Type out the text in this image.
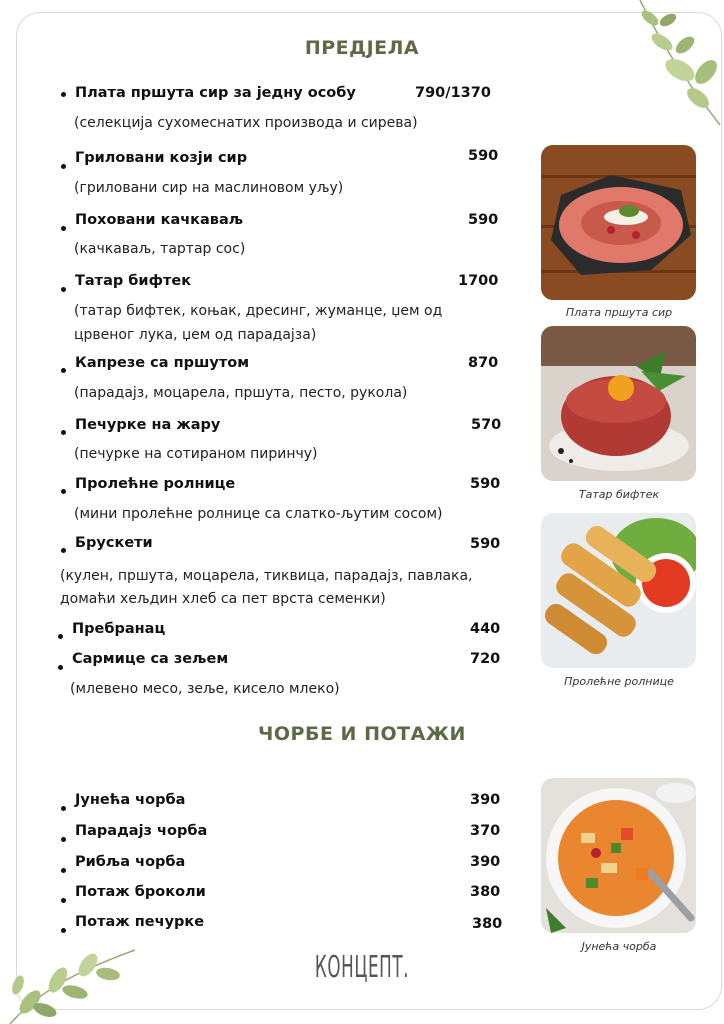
ПРЕДЈЕЛА
Плата пршута сир за једну особу	790/1370
(селекција сухомеснатих производа и сирева)
Гриловани козји сир	590
(гриловани сир на маслиновом уљу)
Поховани качкаваљ	590
(качкаваљ, тартар сос)
Татар бифтек	1700
(татар бифтек, коњак, дресинг, жуманце, џем од
црвеног лука, џем од парадајза)
Капрезе са пршутом	870
(парадајз, моцарела, пршута, песто, рукола)
Печурке на жару	570
(печурке на сотираном пиринчу)
Пролећне ролнице	590
(мини пролећне ролнице са слатко-љутим сосом)
Брускети	590
(кулен, пршута, моцарела, тиквица, парадајз, павлака,
домаћи хељдин хлеб са пет врста семенки)
Пребранац	440
Сармице са зељем	720
(млевено месо, зеље, кисело млеко)
ЧОРБЕ И ПОТАЖИ
Јунећа чорба	390
Парадајз чорба	370
Рибља чорба	390
Потаж броколи	380
Потаж печурке	380
Плата пршута сир
Татар бифтек
Пролећне ролнице
Јунећа чорба
КОНЦЕПТ.
